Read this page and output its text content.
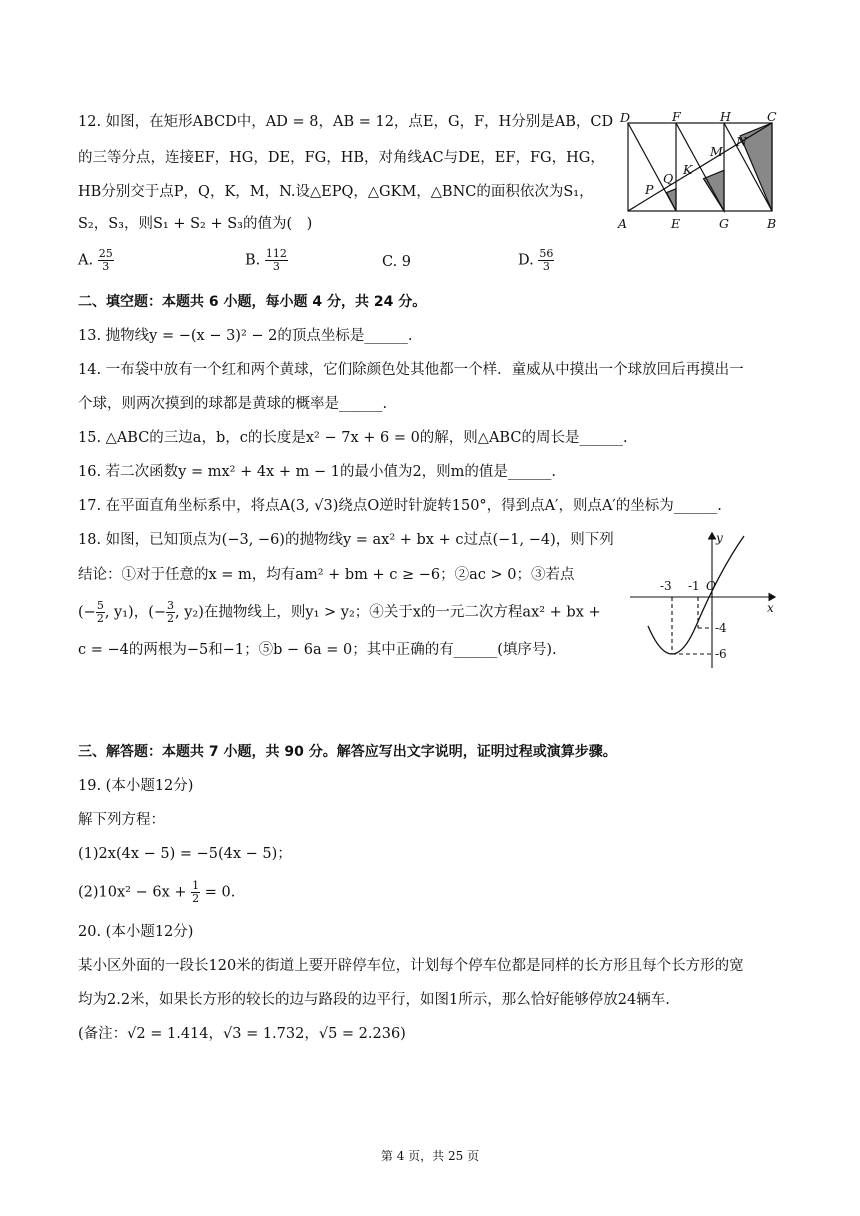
12. 如图，在矩形ABCD中，AD = 8，AB = 12，点E，G，F，H分别是AB，CD
的三等分点，连接EF，HG，DE，FG，HB，对角线AC与DE，EF，FG，HG，
HB分别交于点P，Q，K，M，N.设△EPQ，△GKM，△BNC的面积依次为S₁，
S₂，S₃，则S₁ + S₂ + S₃的值为(　)
A. $\frac{25}{3}$	B. $\frac{112}{3}$	C. 9	D. $\frac{56}{3}$
D	F	H	C
A	E	G	B
P
Q
K
M
N
二、填空题：本题共 6 小题，每小题 4 分，共 24 分。
13. 抛物线y = −(x − 3)² − 2的顶点坐标是______.
14. 一布袋中放有一个红和两个黄球，它们除颜色处其他都一个样．童威从中摸出一个球放回后再摸出一
个球，则两次摸到的球都是黄球的概率是______.
15. △ABC的三边a，b，c的长度是x² − 7x + 6 = 0的解，则△ABC的周长是______.
16. 若二次函数y = mx² + 4x + m − 1的最小值为2，则m的值是______.
17. 在平面直角坐标系中，将点A(3, √3)绕点O逆时针旋转150°，得到点A′，则点A′的坐标为______.
18. 如图，已知顶点为(−3, −6)的抛物线y = ax² + bx + c过点(−1, −4)，则下列
结论：①对于任意的x = m，均有am² + bm + c ≥ −6；②ac > 0；③若点
(− $\frac{5}{2}$ , y₁)，(− $\frac{3}{2}$ , y₂)在抛物线上，则y₁ > y₂；④关于x的一元二次方程ax² + bx +
c = −4的两根为−5和−1；⑤b − 6a = 0；其中正确的有______(填序号).
y
x
O
-3 -1
-4
-6
三、解答题：本题共 7 小题，共 90 分。解答应写出文字说明，证明过程或演算步骤。
19. (本小题12分)
解下列方程：
(1)2x(4x − 5) = −5(4x − 5)；
$(2)10x^2 - 6x + \frac{1}{2} = 0$.
20. (本小题12分)
某小区外面的一段长120米的街道上要开辟停车位，计划每个停车位都是同样的长方形且每个长方形的宽
均为2.2米，如果长方形的较长的边与路段的边平行，如图1所示，那么恰好能够停放24辆车.
(备注：√2 = 1.414，√3 = 1.732，√5 = 2.236)
第 4 页，共 25 页
